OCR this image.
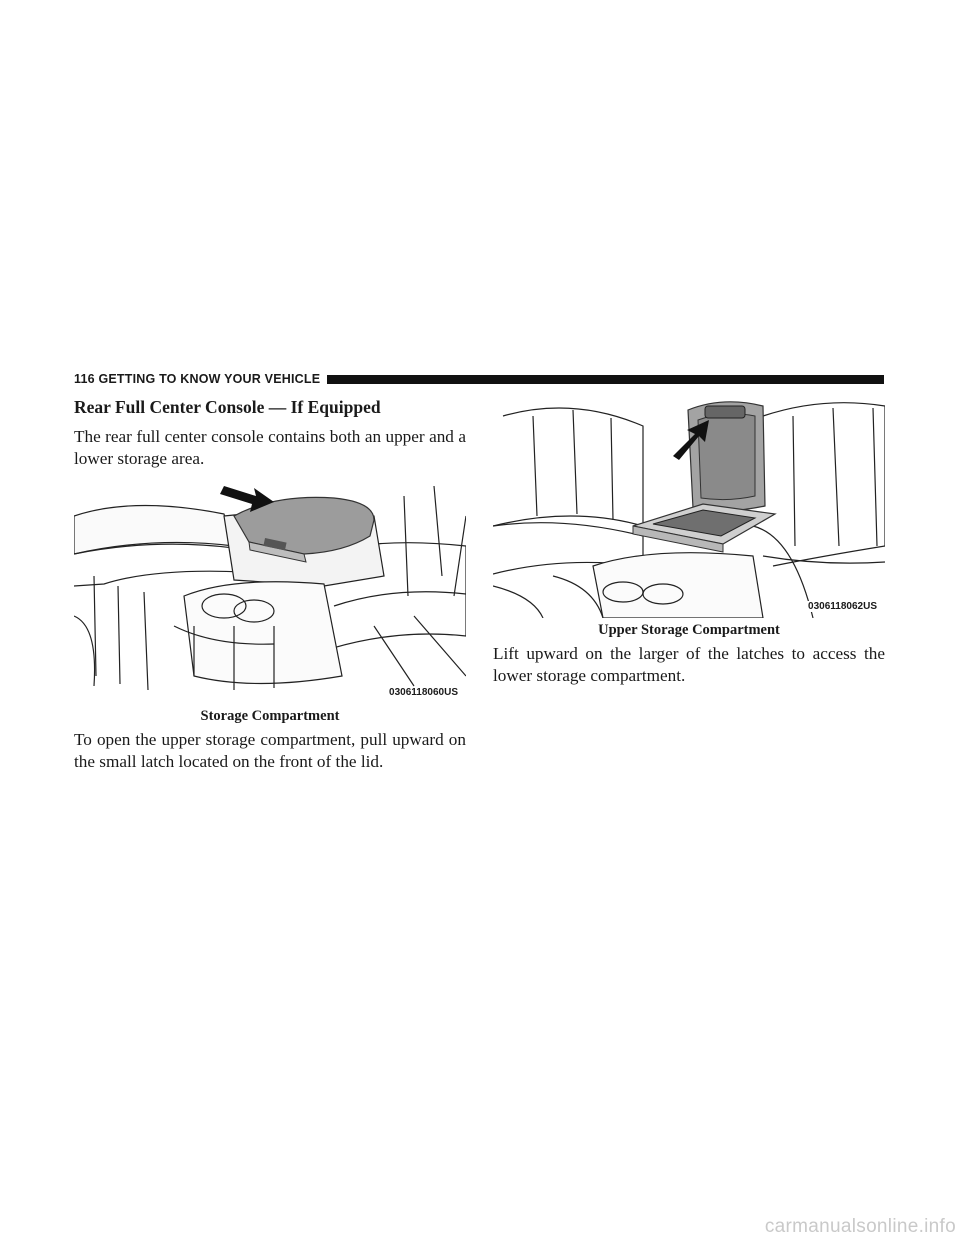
116 GETTING TO KNOW YOUR VEHICLE
Rear Full Center Console — If Equipped

The rear full center console contains both an upper and a lower storage area.

0306118060US
Storage Compartment

To open the upper storage compartment, pull upward on the small latch located on the front of the lid.

0306118062US
Upper Storage Compartment

Lift upward on the larger of the latches to access the lower storage compartment.

carmanualsonline.info
